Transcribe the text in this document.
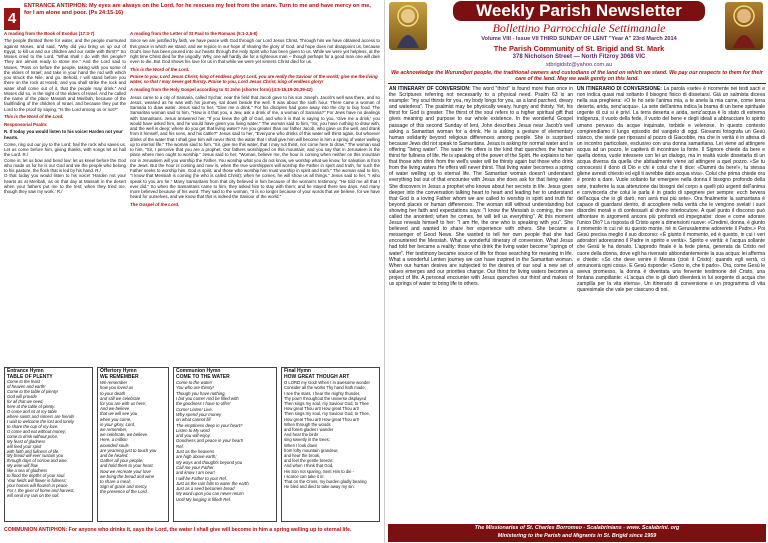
4
ENTRANCE ANTIPHON: My eyes are always on the Lord, for he rescues my feet from the snare. Turn to me and have mercy on me, for I am alone and poor. (Ps 24:15-16)
A reading from the Book of Exodus (17:3-7)
The people thirsted there for water, and the people murmured against Moses, and said, "Why did you bring us up out of Egypt, to kill us and our children and our cattle with thirst?" So Moses cried to the Lord, "What shall I do with this people? They are almost ready to stone me." And the Lord said to Moses, "Pass on before the people, taking with you some of the elders of Israel; and take in your hand the rod with which you struck the Nile, and go. Behold, I will stand before you there on the rock at Horeb; and you shall strike the rock and water shall come out of it, that the people may drink." And Moses did so, in the sight of the elders of Israel. And he called the name of the place Massah and Meribah, because of the faultfinding of the children of Israel, and because they put the Lord to the proof by saying, "Is the Lord among us or not?"
This is the Word of the Lord.
Responsorial Psalm:
R. If today you would listen to his voice! Harden not your hearts.
Come, ring out our joy to the Lord; hail the rock who saves us. Let us come before him, giving thanks, with songs let us hail the Lord. R./
Come in; let us bow and bend low; let us kneel before the God who made us for he is our God and we the people who belong to his pasture, the flock that is led by his hand. R./
O that today you would listen to his voice! 'Harden not your hearts as at Meribah, as on that day at Massah in the desert when your fathers put me to the test; when they tried me, though they saw my work.' R./
A reading from the Letter of St Paul to the Romans (5:1-2,5-8)
Since we are justified by faith, we have peace with God through our Lord Jesus Christ. Through him we have obtained access to this grace in which we stand, and we rejoice in our hope of sharing the glory of God, and hope does not disappoint us, because God's love has been poured into our hearts through the Holy Spirit who has been given to us. While we were yet helpless, at the right time Christ died for the ungodly. Why, one will hardly die for a righteous man -- though perhaps for a good man one will dare even to die. But God shows his love for us in that while we were yet sinners Christ died for us.
This is the Word of the Lord.
Praise to you, Lord Jesus Christ, king of endless glory! Lord, you are really the Saviour of the world; give me the living water, so that I may never get thirsty. Praise to you, Lord Jesus Christ, king of endless glory!
A reading from the Holy Gospel according to St John (shorter form) (4:5-15,19-26,39-42)
Jesus came to a city of Samaria, called Sychar, near the field that Jacob gave to his son Joseph. Jacob's well was there, and so Jesus, wearied as he was with his journey, sat down beside the well. It was about the sixth hour. There came a woman of Samaria to draw water. Jesus said to her, "Give me a drink." For his disciples had gone away into the city to buy food. The Samaritan woman said to him, "How is it that you, a Jew, ask a drink of me, a woman of Samaria?" For Jews have no dealings with Samaritans. Jesus answered her, "If you knew the gift of God, and who it is that is saying to you, 'Give me a drink,' you would have asked him, and he would have given you living water." The woman said to him, "Sir, you have nothing to draw with, and the well is deep; where do you get that living water? Are you greater than our father Jacob, who gave us the well, and drank from it himself, and his sons, and his cattle?" Jesus said to her, "Everyone who drinks of this water will thirst again, but whoever drinks of the water that I shall give him will never thirst; the water that I shall give him will become in him a spring of water welling up to eternal life." The woman said to him, "Sir, give me this water, that I may not thirst, nor come here to draw." The woman said to him, "Sir, I perceive that you are a prophet. Our fathers worshipped on this mountain; and you say that in Jerusalem is the place where men ought to worship." Jesus said to her, "Woman, believe me, the hour is coming when neither on this mountain nor in Jerusalem will you worship the Father. You worship what you do not know, we worship what we know, for salvation is from the Jews. But the hour is coming and now is, when the true worshippers will worship the Father in spirit and truth, for such the Father seeks to worship him. God is spirit, and those who worship him must worship in spirit and truth." The woman said to him, "I know that Messiah is coming (he who is called Christ); when he comes, he will show us all things." Jesus said to her, "I who speak to you am he." Many Samaritans from that city believed in him because of the woman's testimony, "He told me all that I ever did." So when the Samaritans came to him, they asked him to stay with them; and he stayed there two days. And many more believed because of his word. They said to the woman, "It is no longer because of your words that we believe, for we have heard for ourselves, and we know that this is indeed the Saviour of the world."
The Gospel of the Lord.
Entrance Hymn
TABLE OF PLENTY
Come to the feast
of heaven and earth!
Come to the table of plenty!
God will provide
for all that we need,
here at the table of plenty.
O come and sit at my table
where saints and sinners are friends
I wait to welcome the lost and lonely
to share the cup of my love.
O come and eat without money;
come to drink without price.
My feast of gladness
will feed your spirit
with faith and fullness of life.
My bread will ever sustain you
through days of sorrow and woe.
My wine will flow
like a sea of gladness
to flood the depths of your soul.
Your fields will flower in fullness;
your homes will flourish in peace
For I, the giver of home and harvest,
will send my rain on the soil.
Offertory Hymn
WE REMEMBER
We remember
how you loved us
to your death
and still we celebrate
for you are with us here;
And we believe
that we will see you
when you come,
in your glory, Lord,
we remember,
we celebrate, we believe.
Here, a million
wounded souls
are yearning just to touch you
and be healed.
Gather all your people,
and hold them to your heart.
Now we recreate your love
we bring the bread and wine
to share a meal;
Sign of grace and mercy,
the presence of the Lord.
Communion Hymn
COME TO THE WATER
Come to the water!
You who are thirsty!
Though you have nothing,
I bid you come! And be filled with
the goodness I have to offer!
Come! Listen! Live.
Why spend your money
on what cannot fill
The emptiness deep in your heart?
Listen to My word
and you will enjoy
Goodness and peace in your heart!
Ref.
Just as the heavens
are high above earth;
My ways and thoughts beyond you
Call me your Father
and know I am near!
I will be Father to you! Ref.
Just as the rain falls to water the earth.
Just as a seed becomes bread
My word upon you can never return
Until My longing is filled! Ref.
Final Hymn
HOW GREAT THOUGH ART
O LORD my God! When I in awesome wonder
Consider all the works Thy hand hath made;
I see the stars, I hear the mighty thunder,
Thy pow'r throughout the universe displayed
Then sings my soul, my Saviour God, to Thee
How great Thou art! How great Thou art!
Then sings my soul, my Saviour God, to Thee,
How great Thou art! How great Thou art!
When through the woods
and forest glades I wander
And hear the birds
sing sweetly in the trees;
When I look down
from lofty mountain grandeur,
and hear the brook,
and feel the gentle breeze:
And when I think that God,
His Son not sparing, Sent Him to die -
I scarce can take it in:
That on the Cross, my burden gladly bearing
He bled and died to take away my sin:
COMMUNION ANTIPHON: For anyone who drinks it, says the Lord, the water I shall give will become in him a spring welling up to eternal life.
Weekly Parish Newsletter
Bollettino Parrocchiale Settimanale
Volume VIII - Issue VII THIRD SUNDAY OF LENT "Year A" 23rd March 2014
The Parish Community of St. Brigid and St. Mark
378 Nicholson Street — North Fitzroy 3068 VIC
stbrigidsfz@yahoo.com.au
We acknowledge the Wurundjeri people, the traditional owners and custodians of the land on which we stand. We pay our respects to them for their care of the land. May we walk gently on this land.
AN ITINERARY OF CONVERSION: The word "thirst" is found more than once in the Scriptures referring not necessarily to a physical need. Psalm 63 is an example: "my soul thirsts for you, my body longs for you, as a land parched, dreary and waterless". The psalmist may be physically weary, hungry and thirsty. Yet, his thirst for God is greater. The thirst of the soul refers to a higher spiritual gift that gives meaning and purpose to our whole existence. In the wonderful Gospel passage of this second Sunday of lent, John describes Jesus near Jacob's well asking a Samaritan woman for a drink. He is asking a gesture of elementary human solidarity beyond religious differences among people. She is surprised because Jews did not speak to Samaritans. Jesus is asking for normal water and is offering "living water". The water He offers is the kind that quenches the human thirst for fullness of life. He is speaking of the power of the Spirit. He explains to her that those who drink from the well's water will be thirsty again but those who drink from the living waters He offers will never thirst. That living water becomes a spring of water welling up to eternal life. The Samaritan woman doesn't understand everything but out of that encounter with Jesus she does ask for that living water. She discovers in Jesus a prophet who knows about her secrets in life. Jesus goes deeper into the conversation talking heart to heart and leading her to understand that God is a loving Father whom we are called to worship in spirit and truth far beyond places or human differences. The woman still without understanding but showing her faith and expectations says: "I know the Messiah is coming, the one called the anointed; when he comes, he will tell us everything". At this moment Jesus reveals himself to her: "I am He, the one who is speaking with you". She believed and wanted to share her experience with others. She became a messenger of Good News. She wanted to tell her own people that she had encountered the Messiah. What a wonderful itinerary of conversion. What Jesus had told her became a reality: those who drink the living water become "springs of water". Her testimony became source of life for those searching for meaning in life. What a wonderful Lenten journey we can have inspired in the Samaritan woman. When our human desires are subjected to the desires of our soul a new set of values emerges and our priorities change. Our thirst for living waters becomes a project of life. A personal encounter with Jesus quenches our thirst and makes of us springs of water to bring life to others.
UN ITINERARIO DI CONVERSIONE: La parola «sete» è ricorrente nei testi sacri e non indica quasi mai soltanto il bisogno fisico di dissetarsi. Già un salmista diceva nella sua preghiera: «O te ho sete l'anima mia, a te anela la mia carne, come terra deserta, arida, senz'acqua». La sete dell'anima indica la brama di un bene spirituale urgente di cui si è privi. La terra deserta e arida, senz'acqua è lo stato di estrema indigenza, il vuoto della fede, il vuoto del bene e degli ideali a abbracciare lo spirito umano pervaso da acque inquinate, torbide e velenose. In questo contesto comprendiamo il lungo episodio del vangelo di oggi. Giovanni fotografa un Gesù stanco, che siede per riposarsi al pozzo di Giacobbe, ma che in verità è in attesa di un incontro particolare, esclusivo con una donna samaritana. Lei viene ad attingere acqua ad un pozzo, le capiterà di incontrare la fonte. Il Signore chiede da bere e quella donna, vuole intessere con lei un dialogo, ma in realtà vuole dissetarla di un acqua diversa da quella che abitualmente viene ad attingere a quel pozzo. «Se tu conoscessi il dono di Dio e chi è colui che ti dice: «Dammi da bere!», tu stessa gliene avresti chiesto ed egli ti avrebbe dato acqua viva». Colui che prima chiede ora è pronto a dare. Vuole soltanto far emergere nella donna il bisogno profondo della sete, trasferire la sua attenzione dai bisogni del corpo a quelli più urgenti dell'anima e convincerla che colui le parla è in grado di spegnere per sempre: ecch bevera dell'acqua che io gli darò, non avrà mai più sete». Ora finalmente la samaritana è capace di guardarsi dentro, di accogliere nella verità che le vengono svelati i suoi disordini morali e di confessarli al divino interlocutore. A quel punto il discorso può affrontare in argomenti ancora più profondi ed impegnativi: dove e come adorare l'unico Dio? La risposta di Cristo apre a dimensioni nuove: «Credimi, donna, è giunto il momento in cui né su questo monte, né in Gerusalemme adorerete il Padre.» Poi Gesù precisa meglio il suo discorso: «È giunto il momento, ed è questo, in cui i veri adoratori adoreranno il Padre in spirito e verità». Spirito e verità: è l'acqua sollante che Gesù le ha donato. L'approdo finale è la fede piena, generata da Cristo nel cuore della donna, dove egli ha riversato abbondantemente la sua acqua: lei afferma e chiede: «So che deve venire il Messia (cioè il Cristo): quando egli verrà, ci annuncerà ogni cosa». E Gesù risponde: «Sono io, che ti parlo». Ora, come Gesù le aveva promesso, la donna è diventata una fervente testimone del Cristo, una fontana zampillante: «L'acqua che io gli darò diventerà in lui sorgente di acqua che zampilla per la vita eterna». Un itinerario di conversione e un programma di vita quaresimale che vale per ciascuno di noi.
The Missionaries of St. Charles Borromeo - Scalabrinians - www. Scalabrini. org
Ministering to the Parish and Migrants in St. Brigid since 1959
